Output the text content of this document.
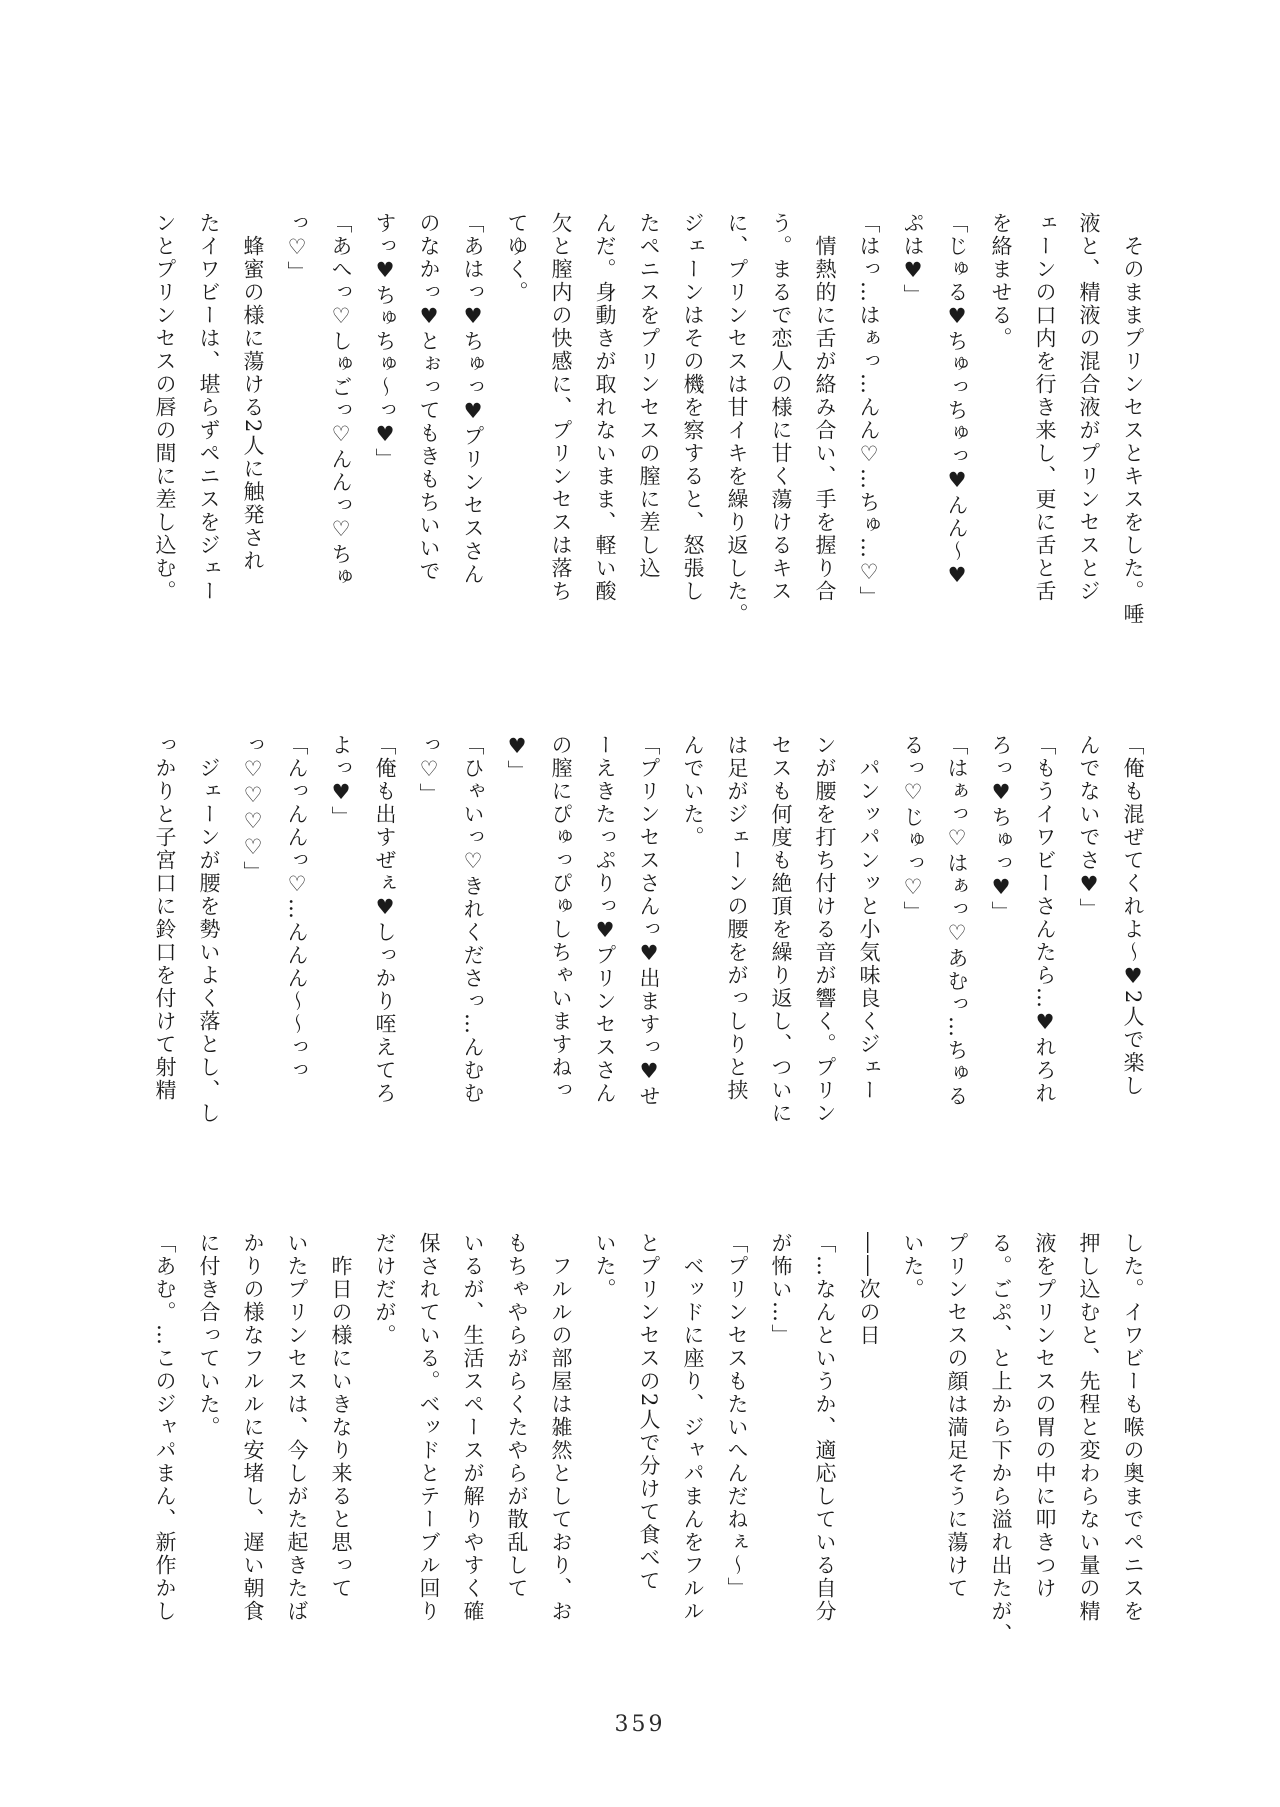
そのままプリンセスとキスをした。唾
液と、精液の混合液がプリンセスとジ
ェーンの口内を行き来し、更に舌と舌
を絡ませる。
「じゅる♥ちゅっちゅっ♥んん～♥
ぷは♥」
「はっ…はぁっ…んん♡…ちゅ…♡」
情熱的に舌が絡み合い、手を握り合
う。まるで恋人の様に甘く蕩けるキス
に、プリンセスは甘イキを繰り返した。
ジェーンはその機を察すると、怒張し
たペニスをプリンセスの膣に差し込
んだ。身動きが取れないまま、軽い酸
欠と膣内の快感に、プリンセスは落ち
てゆく。
「あはっ♥ちゅっ♥プリンセスさん
のなかっ♥とぉってもきもちいいで
すっ♥ちゅちゅ～っ♥」
「あへっ♡しゅごっ♡んんっ♡ちゅ
っ♡」
蜂蜜の様に蕩ける2人に触発され
たイワビーは、堪らずペニスをジェー
ンとプリンセスの唇の間に差し込む。
「俺も混ぜてくれよ～♥2人で楽し
んでないでさ♥」
「もうイワビーさんたら…♥れろれ
ろっ♥ちゅっ♥」
「はぁっ♡はぁっ♡あむっ…ちゅる
るっ♡じゅっ♡」
パンッパンッと小気味良くジェー
ンが腰を打ち付ける音が響く。プリン
セスも何度も絶頂を繰り返し、ついに
は足がジェーンの腰をがっしりと挟
んでいた。
「プリンセスさんっ♥出ますっ♥せ
ーえきたっぷりっ♥プリンセスさん
の膣にぴゅっぴゅしちゃいますねっ
♥」
「ひゃいっ♡きれくださっ…んむむ
っ♡」
「俺も出すぜぇ♥しっかり咥えてろ
よっ♥」
「んっんんっ♡…んんん～～っっ
っ♡♡♡♡」
ジェーンが腰を勢いよく落とし、し
っかりと子宮口に鈴口を付けて射精
した。イワビーも喉の奥までペニスを
押し込むと、先程と変わらない量の精
液をプリンセスの胃の中に叩きつけ
る。ごぷ、と上から下から溢れ出たが、
プリンセスの顔は満足そうに蕩けて
いた。
――次の日
「…なんというか、適応している自分
が怖い…」
「プリンセスもたいへんだねぇ～」
ベッドに座り、ジャパまんをフルル
とプリンセスの2人で分けて食べて
いた。
フルルの部屋は雑然としており、お
もちゃやらがらくたやらが散乱して
いるが、生活スペースが解りやすく確
保されている。ベッドとテーブル回り
だけだが。
昨日の様にいきなり来ると思って
いたプリンセスは、今しがた起きたば
かりの様なフルルに安堵し、遅い朝食
に付き合っていた。
「あむ。…このジャパまん、新作かし
359
